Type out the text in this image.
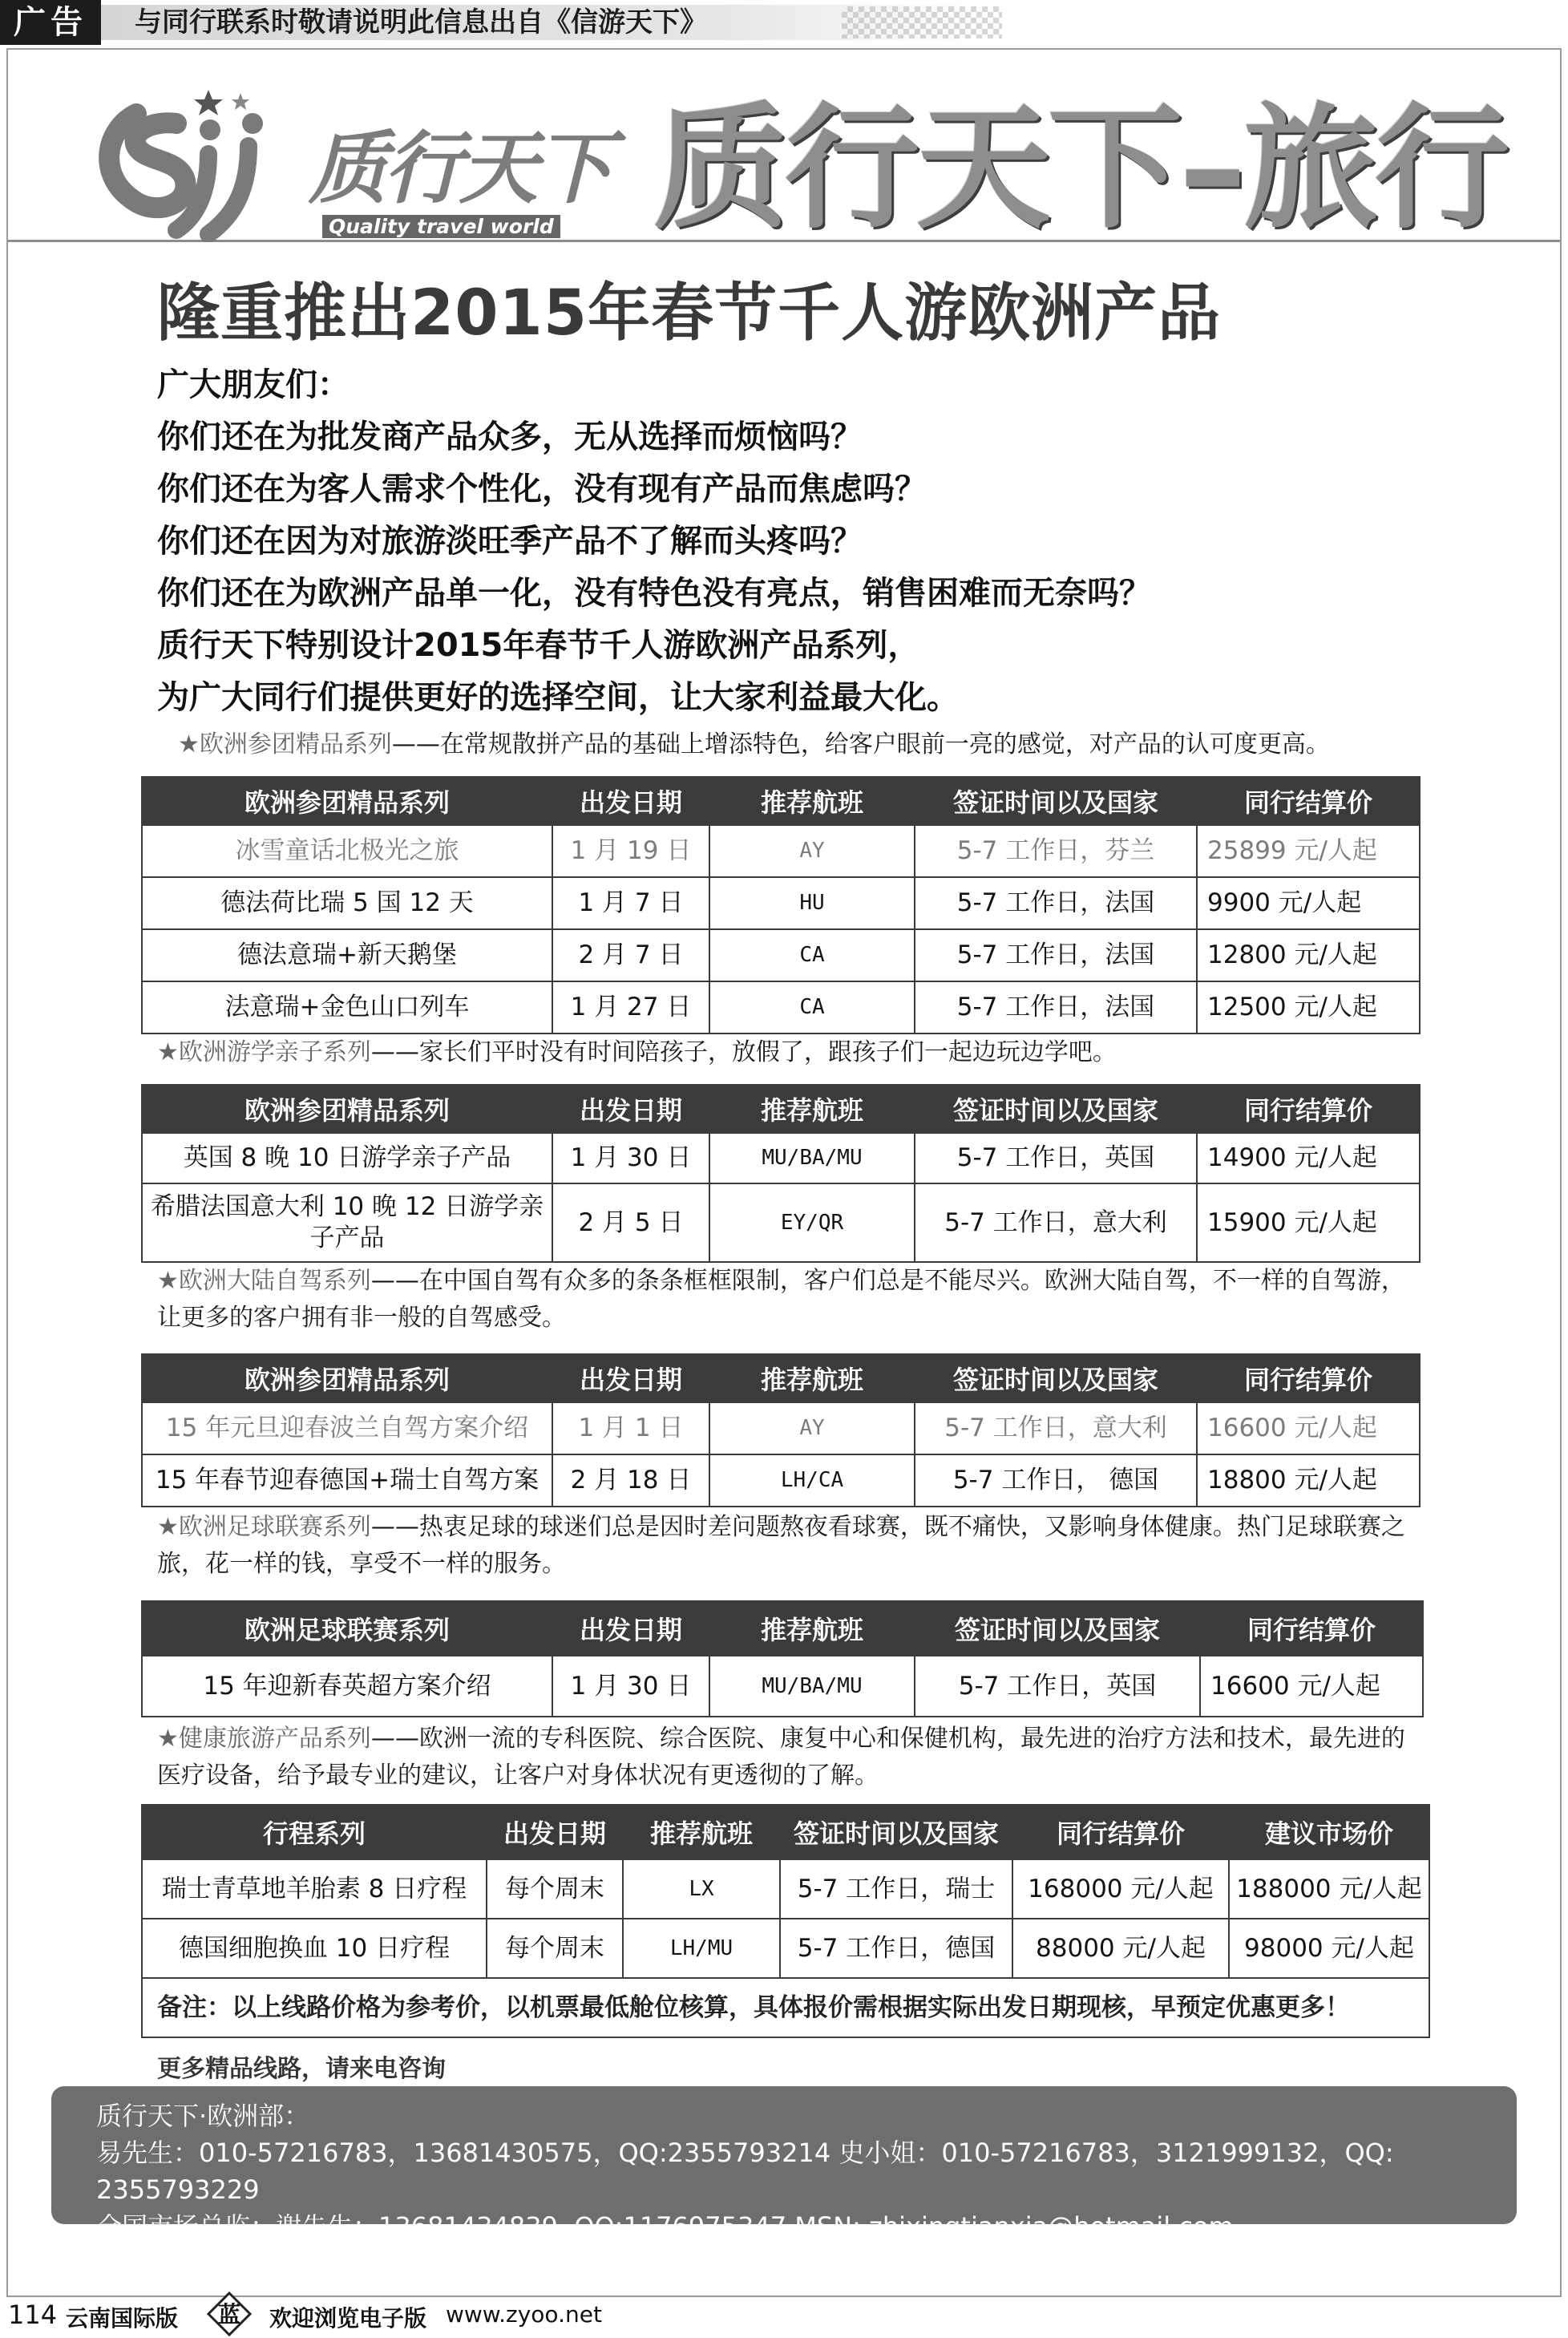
广告	与同行联系时敬请说明此信息出自《信游天下》
质行天下
Quality travel world 质行天下–旅行
隆重推出2015年春节千人游欧洲产品
广大朋友们：
你们还在为批发商产品众多，无从选择而烦恼吗？
你们还在为客人需求个性化，没有现有产品而焦虑吗？
你们还在因为对旅游淡旺季产品不了解而头疼吗？
你们还在为欧洲产品单一化，没有特色没有亮点，销售困难而无奈吗？
质行天下特别设计2015年春节千人游欧洲产品系列，
为广大同行们提供更好的选择空间，让大家利益最大化。
★欧洲参团精品系列——在常规散拼产品的基础上增添特色，给客户眼前一亮的感觉，对产品的认可度更高。
欧洲参团精品系列	出发日期	推荐航班	签证时间以及国家	同行结算价
冰雪童话北极光之旅	1 月 19 日	AY	5-7 工作日，芬兰	25899 元/人起
德法荷比瑞 5 国 12 天	1 月 7 日	HU	5-7 工作日，法国	9900 元/人起
德法意瑞+新天鹅堡	2 月 7 日	CA	5-7 工作日，法国	12800 元/人起
法意瑞+金色山口列车	1 月 27 日	CA	5-7 工作日，法国	12500 元/人起
★欧洲游学亲子系列——家长们平时没有时间陪孩子，放假了，跟孩子们一起边玩边学吧。
欧洲参团精品系列	出发日期	推荐航班	签证时间以及国家	同行结算价
英国 8 晚 10 日游学亲子产品	1 月 30 日	MU/BA/MU	5-7 工作日，英国	14900 元/人起
希腊法国意大利 10 晚 12 日游学亲子产品	2 月 5 日	EY/QR	5-7 工作日，意大利	15900 元/人起
★欧洲大陆自驾系列——在中国自驾有众多的条条框框限制，客户们总是不能尽兴。欧洲大陆自驾，不一样的自驾游，让更多的客户拥有非一般的自驾感受。
欧洲参团精品系列	出发日期	推荐航班	签证时间以及国家	同行结算价
15 年元旦迎春波兰自驾方案介绍	1 月 1 日	AY	5-7 工作日，意大利	16600 元/人起
15 年春节迎春德国+瑞士自驾方案	2 月 18 日	LH/CA	5-7 工作日， 德国	18800 元/人起
★欧洲足球联赛系列——热衷足球的球迷们总是因时差问题熬夜看球赛，既不痛快，又影响身体健康。热门足球联赛之旅，花一样的钱，享受不一样的服务。
欧洲足球联赛系列	出发日期	推荐航班	签证时间以及国家	同行结算价
15 年迎新春英超方案介绍	1 月 30 日	MU/BA/MU	5-7 工作日，英国	16600 元/人起
★健康旅游产品系列——欧洲一流的专科医院、综合医院、康复中心和保健机构，最先进的治疗方法和技术，最先进的医疗设备，给予最专业的建议，让客户对身体状况有更透彻的了解。
行程系列	出发日期	推荐航班	签证时间以及国家	同行结算价	建议市场价
瑞士青草地羊胎素 8 日疗程	每个周末	LX	5-7 工作日，瑞士	168000 元/人起	188000 元/人起
德国细胞换血 10 日疗程	每个周末	LH/MU	5-7 工作日，德国	88000 元/人起	98000 元/人起
备注：以上线路价格为参考价，以机票最低舱位核算，具体报价需根据实际出发日期现核，早预定优惠更多！					
更多精品线路，请来电咨询
质行天下·欧洲部：
易先生：010-57216783，13681430575，QQ:2355793214 史小姐：010-57216783，3121999132，QQ: 2355793229
全国市场总监：谢先生：13681434839, QQ:1176975347 MSN: zhixingtianxia@hotmail.com
114 云南国际版 蓝 欢迎浏览电子版 www.zyoo.net
